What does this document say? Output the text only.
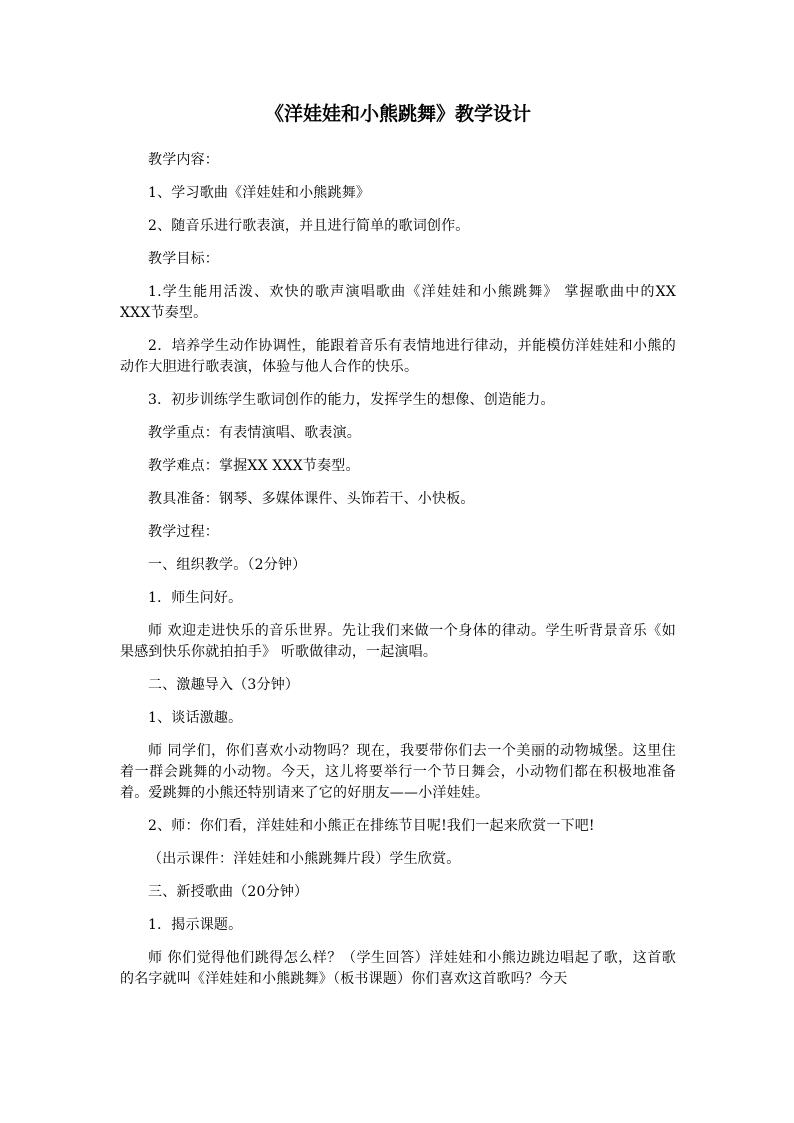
《洋娃娃和小熊跳舞》教学设计

教学内容：

1、学习歌曲《洋娃娃和小熊跳舞》

2、随音乐进行歌表演，并且进行简单的歌词创作。

教学目标：

1.学生能用活泼、欢快的歌声演唱歌曲《洋娃娃和小熊跳舞》 掌握歌曲中的XX XXX节奏型。

2．培养学生动作协调性，能跟着音乐有表情地进行律动，并能模仿洋娃娃和小熊的动作大胆进行歌表演，体验与他人合作的快乐。

3．初步训练学生歌词创作的能力，发挥学生的想像、创造能力。

教学重点：有表情演唱、歌表演。

教学难点：掌握XX XXX节奏型。

教具准备：钢琴、多媒体课件、头饰若干、小快板。

教学过程：

一、组织教学。（2分钟）

1．师生问好。

师 欢迎走进快乐的音乐世界。先让我们来做一个身体的律动。学生听背景音乐《如果感到快乐你就拍拍手》 听歌做律动，一起演唱。

二、激趣导入（3分钟）

1、谈话激趣。

师 同学们，你们喜欢小动物吗？现在，我要带你们去一个美丽的动物城堡。这里住着一群会跳舞的小动物。今天，这儿将要举行一个节日舞会，小动物们都在积极地准备着。爱跳舞的小熊还特别请来了它的好朋友——小洋娃娃。

2、师：你们看，洋娃娃和小熊正在排练节目呢!我们一起来欣赏一下吧!

（出示课件：洋娃娃和小熊跳舞片段）学生欣赏。

三、新授歌曲（20分钟）

1．揭示课题。

师 你们觉得他们跳得怎么样？（学生回答）洋娃娃和小熊边跳边唱起了歌，这首歌的名字就叫《洋娃娃和小熊跳舞》（板书课题）你们喜欢这首歌吗？今天
